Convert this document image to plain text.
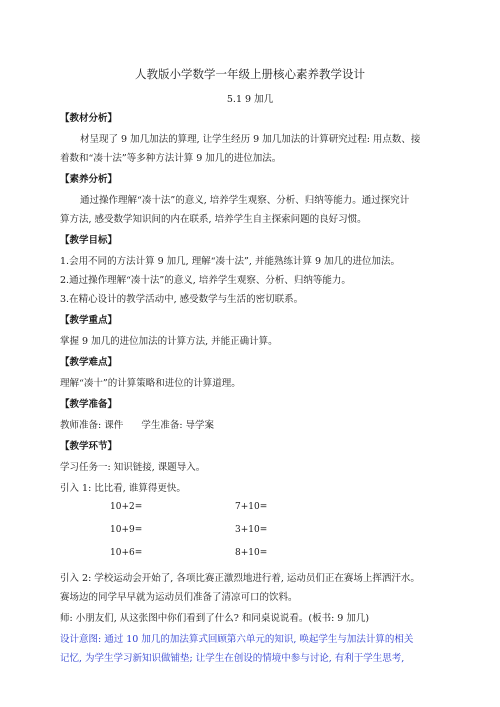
人教版小学数学一年级上册核心素养教学设计
5.1 9 加几
【教材分析】
材呈现了 9 加几加法的算理, 让学生经历 9 加几加法的计算研究过程: 用点数、接
着数和“凑十法”等多种方法计算 9 加几的进位加法。
【素养分析】
通过操作理解“凑十法”的意义, 培养学生观察、分析、归纳等能力。通过探究计
算方法, 感受数学知识间的内在联系, 培养学生自主探索问题的良好习惯。
【教学目标】
1.会用不同的方法计算 9 加几, 理解“凑十法”, 并能熟练计算 9 加几的进位加法。
2.通过操作理解“凑十法”的意义, 培养学生观察、分析、归纳等能力。
3.在精心设计的教学活动中, 感受数学与生活的密切联系。
【教学重点】
掌握 9 加几的进位加法的计算方法, 并能正确计算。
【教学难点】
理解“凑十”的计算策略和进位的计算道理。
【教学准备】
教师准备: 课件      学生准备: 导学案
【教学环节】
学习任务一: 知识链接, 课题导入。
引入 1: 比比看, 谁算得更快。
10+2=	7+10=
10+9=	3+10=
10+6=	8+10=
引入 2: 学校运动会开始了, 各项比赛正激烈地进行着, 运动员们正在赛场上挥洒汗水。
赛场边的同学早早就为运动员们准备了清凉可口的饮料。
师: 小朋友们, 从这张图中你们看到了什么? 和同桌说说看。(板书: 9 加几)
设计意图: 通过 10 加几的加法算式回顾第六单元的知识, 唤起学生与加法计算的相关
记忆, 为学生学习新知识做铺垫; 让学生在创设的情境中参与讨论, 有利于学生思考,
